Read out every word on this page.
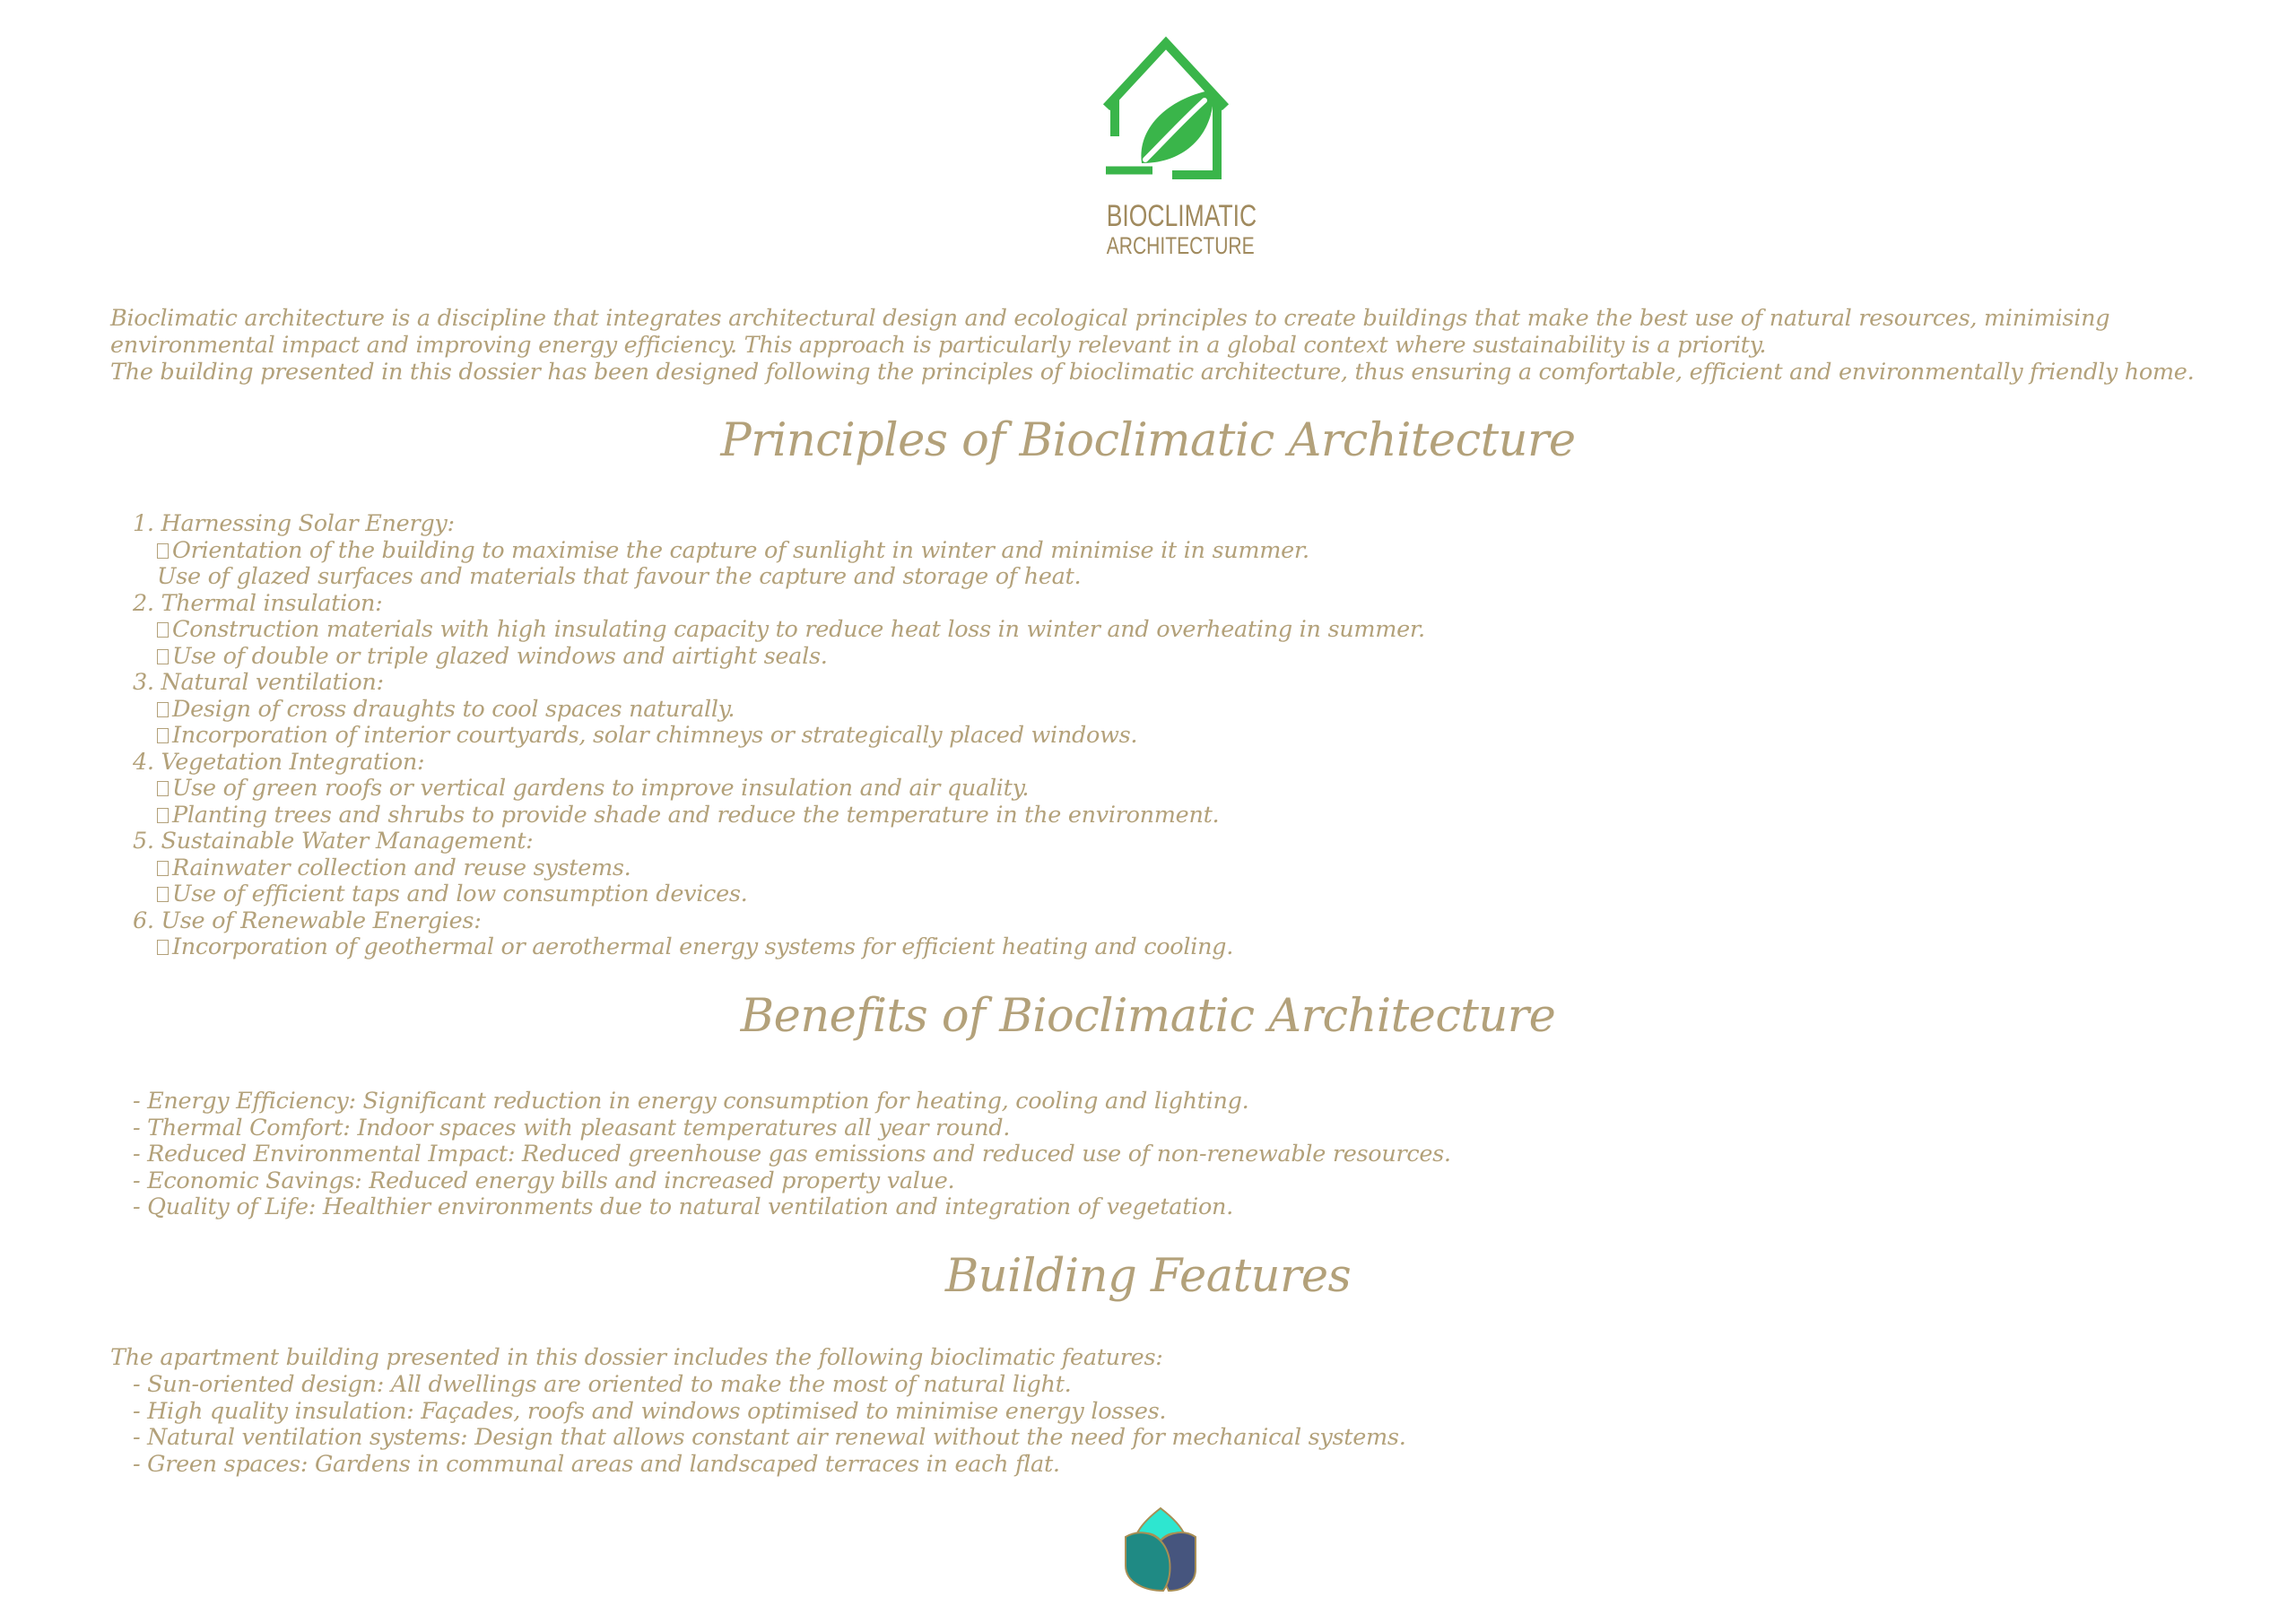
BIOCLIMATIC
ARCHITECTURE

Bioclimatic architecture is a discipline that integrates architectural design and ecological principles to create buildings that make the best use of natural resources, minimising

environmental impact and improving energy efficiency. This approach is particularly relevant in a global context where sustainability is a priority.

The building presented in this dossier has been designed following the principles of bioclimatic architecture, thus ensuring a comfortable, efficient and environmentally friendly home.

Principles of Bioclimatic Architecture
1. Harnessing Solar Energy:
Orientation of the building to maximise the capture of sunlight in winter and minimise it in summer.
Use of glazed surfaces and materials that favour the capture and storage of heat.
2. Thermal insulation:
Construction materials with high insulating capacity to reduce heat loss in winter and overheating in summer.
Use of double or triple glazed windows and airtight seals.
3. Natural ventilation:
Design of cross draughts to cool spaces naturally.
Incorporation of interior courtyards, solar chimneys or strategically placed windows.
4. Vegetation Integration:
Use of green roofs or vertical gardens to improve insulation and air quality.
Planting trees and shrubs to provide shade and reduce the temperature in the environment.
5. Sustainable Water Management:
Rainwater collection and reuse systems.
Use of efficient taps and low consumption devices.
6. Use of Renewable Energies:
Incorporation of geothermal or aerothermal energy systems for efficient heating and cooling.
Benefits of Bioclimatic Architecture
- Energy Efficiency: Significant reduction in energy consumption for heating, cooling and lighting.
- Thermal Comfort: Indoor spaces with pleasant temperatures all year round.
- Reduced Environmental Impact: Reduced greenhouse gas emissions and reduced use of non-renewable resources.
- Economic Savings: Reduced energy bills and increased property value.
- Quality of Life: Healthier environments due to natural ventilation and integration of vegetation.
Building Features
The apartment building presented in this dossier includes the following bioclimatic features:
- Sun-oriented design: All dwellings are oriented to make the most of natural light.
- High quality insulation: Façades, roofs and windows optimised to minimise energy losses.
- Natural ventilation systems: Design that allows constant air renewal without the need for mechanical systems.
- Green spaces: Gardens in communal areas and landscaped terraces in each flat.
